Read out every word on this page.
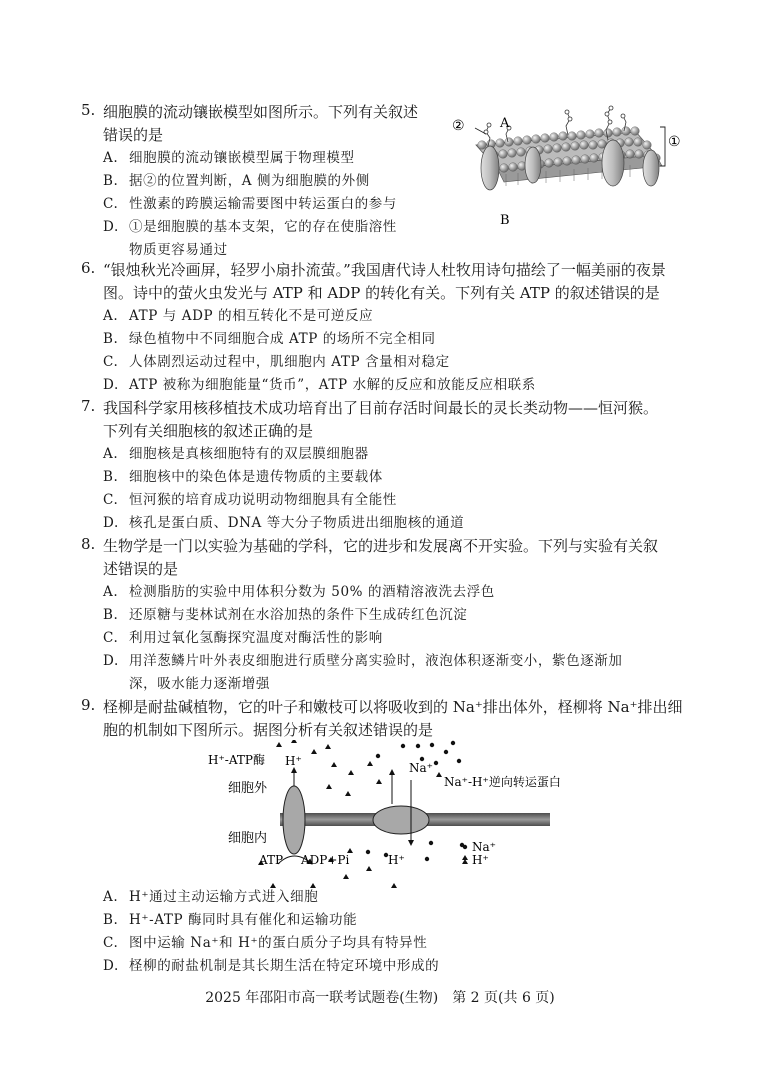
5. 细胞膜的流动镶嵌模型如图所示。下列有关叙述
错误的是
A. 细胞膜的流动镶嵌模型属于物理模型
B. 据②的位置判断，A 侧为细胞膜的外侧
C. 性激素的跨膜运输需要图中转运蛋白的参与
D. ①是细胞膜的基本支架，它的存在使脂溶性
物质更容易通过
②	A
B
①
6. “银烛秋光冷画屏，轻罗小扇扑流萤。”我国唐代诗人杜牧用诗句描绘了一幅美丽的夜景
图。诗中的萤火虫发光与 ATP 和 ADP 的转化有关。下列有关 ATP 的叙述错误的是
A. ATP 与 ADP 的相互转化不是可逆反应
B. 绿色植物中不同细胞合成 ATP 的场所不完全相同
C. 人体剧烈运动过程中，肌细胞内 ATP 含量相对稳定
D. ATP 被称为细胞能量“货币”，ATP 水解的反应和放能反应相联系
7. 我国科学家用核移植技术成功培育出了目前存活时间最长的灵长类动物——恒河猴。
下列有关细胞核的叙述正确的是
A. 细胞核是真核细胞特有的双层膜细胞器
B. 细胞核中的染色体是遗传物质的主要载体
C. 恒河猴的培育成功说明动物细胞具有全能性
D. 核孔是蛋白质、DNA 等大分子物质进出细胞核的通道
8. 生物学是一门以实验为基础的学科，它的进步和发展离不开实验。下列与实验有关叙
述错误的是
A. 检测脂肪的实验中用体积分数为 50% 的酒精溶液洗去浮色
B. 还原糖与斐林试剂在水浴加热的条件下生成砖红色沉淀
C. 利用过氧化氢酶探究温度对酶活性的影响
D. 用洋葱鳞片叶外表皮细胞进行质壁分离实验时，液泡体积逐渐变小，紫色逐渐加
深，吸水能力逐渐增强
9. 柽柳是耐盐碱植物，它的叶子和嫩枝可以将吸收到的 Na⁺排出体外，柽柳将 Na⁺排出细
胞的机制如下图所示。据图分析有关叙述错误的是
H⁺-ATP酶 H⁺	Na⁺
Na⁺-H⁺逆向转运蛋白
细胞外
细胞内
ATP ADP+Pi	H⁺
Na⁺
H⁺
A. H⁺通过主动运输方式进入细胞
B. H⁺-ATP 酶同时具有催化和运输功能
C. 图中运输 Na⁺和 H⁺的蛋白质分子均具有特异性
D. 柽柳的耐盐机制是其长期生活在特定环境中形成的
2025 年邵阳市高一联考试题卷(生物)　第 2 页(共 6 页)
